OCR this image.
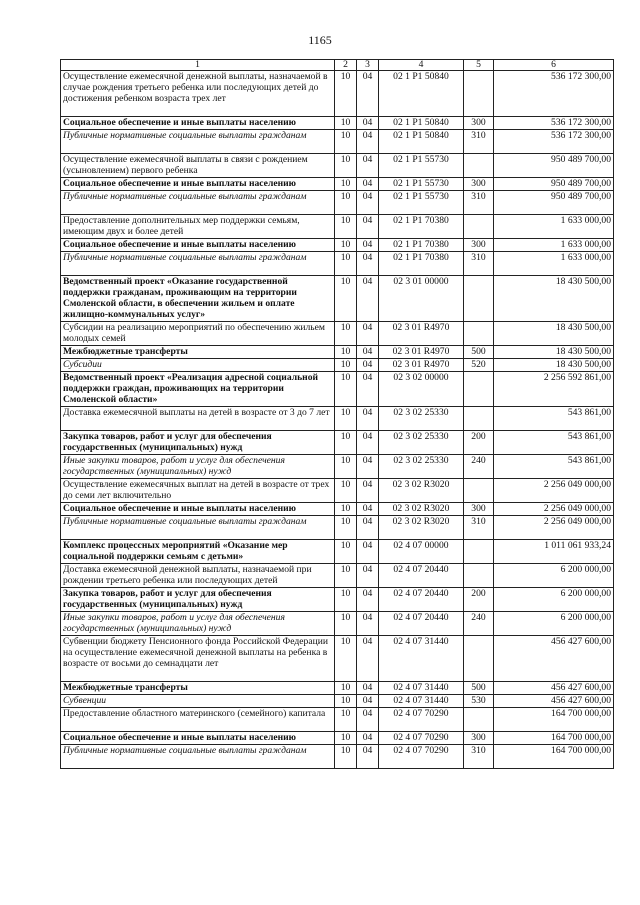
1165
1	2	3	4	5	6
Осуществление ежемесячной денежной выплаты, назначаемой в случае рождения третьего ребенка или последующих детей до достижения ребенком возраста трех лет	10	04	02 1 P1 50840		536 172 300,00
Социальное обеспечение и иные выплаты населению	10	04	02 1 P1 50840	300	536 172 300,00
Публичные нормативные социальные выплаты гражданам	10	04	02 1 P1 50840	310	536 172 300,00
Осуществление ежемесячной выплаты в связи с рождением (усыновлением) первого ребенка	10	04	02 1 P1 55730		950 489 700,00
Социальное обеспечение и иные выплаты населению	10	04	02 1 P1 55730	300	950 489 700,00
Публичные нормативные социальные выплаты гражданам	10	04	02 1 P1 55730	310	950 489 700,00
Предоставление дополнительных мер поддержки семьям, имеющим двух и более детей	10	04	02 1 P1 70380		1 633 000,00
Социальное обеспечение и иные выплаты населению	10	04	02 1 P1 70380	300	1 633 000,00
Публичные нормативные социальные выплаты гражданам	10	04	02 1 P1 70380	310	1 633 000,00
Ведомственный проект «Оказание государственной поддержки гражданам, проживающим на территории Смоленской области, в обеспечении жильем и оплате жилищно-коммунальных услуг»	10	04	02 3 01 00000		18 430 500,00
Субсидии на реализацию мероприятий по обеспечению жильем молодых семей	10	04	02 3 01 R4970		18 430 500,00
Межбюджетные трансферты	10	04	02 3 01 R4970	500	18 430 500,00
Субсидии	10	04	02 3 01 R4970	520	18 430 500,00
Ведомственный проект «Реализация адресной социальной поддержки граждан, проживающих на территории Смоленской области»	10	04	02 3 02 00000		2 256 592 861,00
Доставка ежемесячной выплаты на детей в возрасте от 3 до 7 лет	10	04	02 3 02 25330		543 861,00
Закупка товаров, работ и услуг для обеспечения государственных (муниципальных) нужд	10	04	02 3 02 25330	200	543 861,00
Иные закупки товаров, работ и услуг для обеспечения государственных (муниципальных) нужд	10	04	02 3 02 25330	240	543 861,00
Осуществление ежемесячных выплат на детей в возрасте от трех до семи лет включительно	10	04	02 3 02 R3020		2 256 049 000,00
Социальное обеспечение и иные выплаты населению	10	04	02 3 02 R3020	300	2 256 049 000,00
Публичные нормативные социальные выплаты гражданам	10	04	02 3 02 R3020	310	2 256 049 000,00
Комплекс процессных мероприятий «Оказание мер социальной поддержки семьям с детьми»	10	04	02 4 07 00000		1 011 061 933,24
Доставка ежемесячной денежной выплаты, назначаемой при рождении третьего ребенка или последующих детей	10	04	02 4 07 20440		6 200 000,00
Закупка товаров, работ и услуг для обеспечения государственных (муниципальных) нужд	10	04	02 4 07 20440	200	6 200 000,00
Иные закупки товаров, работ и услуг для обеспечения государственных (муниципальных) нужд	10	04	02 4 07 20440	240	6 200 000,00
Субвенции бюджету Пенсионного фонда Российской Федерации на осуществление ежемесячной денежной выплаты на ребенка в возрасте от восьми до семнадцати лет	10	04	02 4 07 31440		456 427 600,00
Межбюджетные трансферты	10	04	02 4 07 31440	500	456 427 600,00
Субвенции	10	04	02 4 07 31440	530	456 427 600,00
Предоставление областного материнского (семейного) капитала	10	04	02 4 07 70290		164 700 000,00
Социальное обеспечение и иные выплаты населению	10	04	02 4 07 70290	300	164 700 000,00
Публичные нормативные социальные выплаты гражданам	10	04	02 4 07 70290	310	164 700 000,00
